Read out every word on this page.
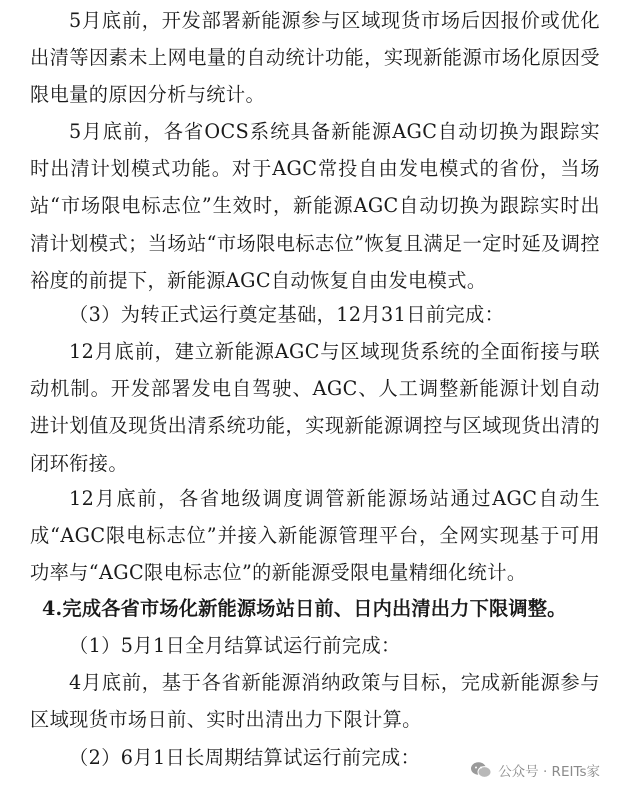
5月底前，开发部署新能源参与区域现货市场后因报价或优化出清等因素未上网电量的自动统计功能，实现新能源市场化原因受限电量的原因分析与统计。

5月底前，各省OCS系统具备新能源AGC自动切换为跟踪实时出清计划模式功能。对于AGC常投自由发电模式的省份，当场站“市场限电标志位”生效时，新能源AGC自动切换为跟踪实时出清计划模式；当场站“市场限电标志位”恢复且满足一定时延及调控裕度的前提下，新能源AGC自动恢复自由发电模式。

（3）为转正式运行奠定基础，12月31日前完成：

12月底前，建立新能源AGC与区域现货系统的全面衔接与联动机制。开发部署发电自驾驶、AGC、人工调整新能源计划自动进计划值及现货出清系统功能，实现新能源调控与区域现货出清的闭环衔接。

12月底前，各省地级调度调管新能源场站通过AGC自动生成“AGC限电标志位”并接入新能源管理平台，全网实现基于可用功率与“AGC限电标志位”的新能源受限电量精细化统计。

4.完成各省市场化新能源场站日前、日内出清出力下限调整。

（1）5月1日全月结算试运行前完成：

4月底前，基于各省新能源消纳政策与目标，完成新能源参与区域现货市场日前、实时出清出力下限计算。

（2）6月1日长周期结算试运行前完成：

公众号 · REITs家
